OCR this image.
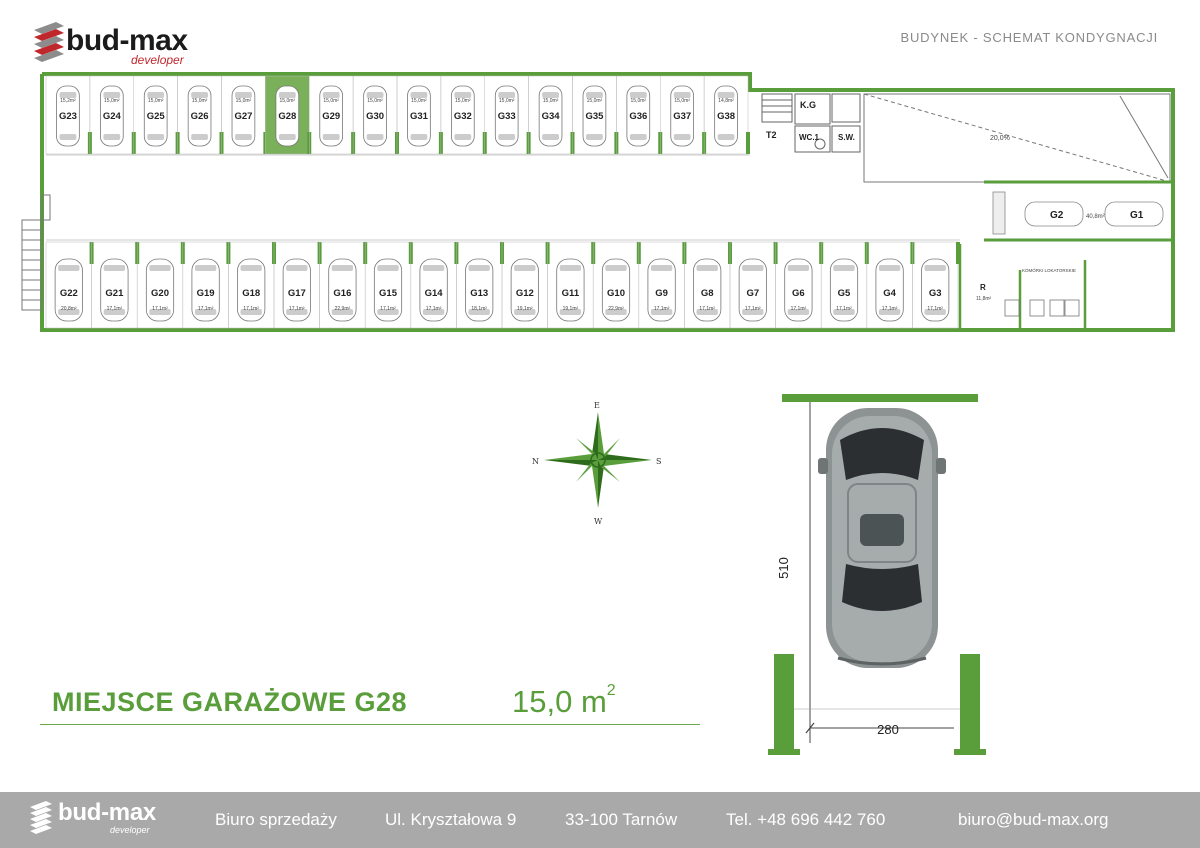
bud-max
developer
BUDYNEK - SCHEMAT KONDYGNACJI
15,2m²
G23
15,0m²
G24
15,0m²
G25
15,0m²
G26
15,0m²
G27
15,0m²
G28
15,0m²
G29
15,0m²
G30
15,0m²
G31
15,0m²
G32
15,0m²
G33
15,0m²
G34
15,0m²
G35
15,0m²
G36
15,0m²
G37
14,8m²
G38
G22
20,8m²
G21
17,1m²
G20
17,1m²
G19
17,1m²
G18
17,1m²
G17
17,1m²
G16
22,9m²
G15
17,1m²
G14
17,1m²
G13
18,1m²
G12
19,1m²
G11
19,1m²
G10
22,9m²
G9
17,1m²
G8
17,1m²
G7
17,1m²
G6
17,1m²
G5
17,1m²
G4
17,1m²
G3
17,1m²
K.G
T2	WC.1 S.W.	20,0%
G2	G1
40,8m²
R
11,8m²
KOMÓRKI LOKATORSKIE
E
N	S
W
510
280
MIEJSCE GARAŻOWE G28	15,0 $m^2$
bud-max
developer
Biuro sprzedaży	Ul. Kryształowa 9	33-100 Tarnów	Tel. +48 696 442 760	biuro@bud-max.org
